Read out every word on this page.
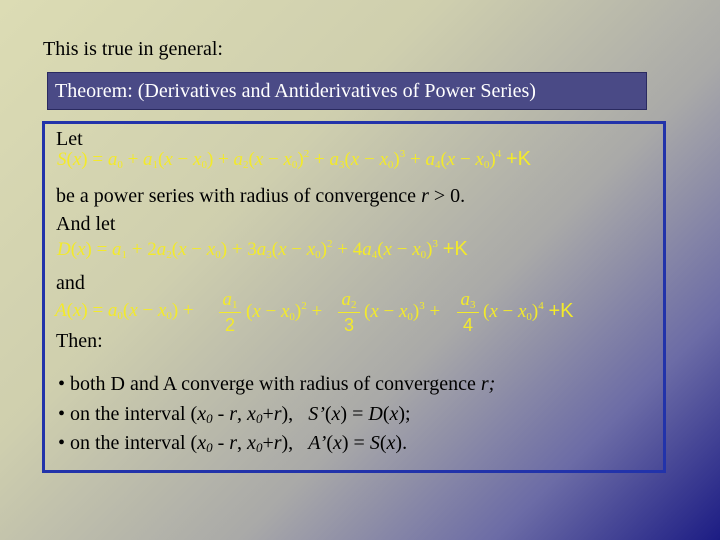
This is true in general:
Theorem: (Derivatives and Antiderivatives of Power Series)
Let
$S(x) = a_0 + a_1(x - x_0) + a_2(x - x_0)^2 + a_3(x - x_0)^3 + a_4(x - x_0)^4 +K$
be a power series with radius of convergence r > 0.
And let
$D(x) = a_1 + 2a_2(x - x_0) + 3a_3(x - x_0)^2 + 4a_4(x - x_0)^3 +K$
and
$A(x) = a_0(x - x_0)$ +
$a_1$
2
$(x - x_0)^2$ +
$a_2$
3
$(x - x_0)^3$ +
$a_3$
4
$(x - x_0)^4 +K$
Then:
• both D and A converge with radius of convergence r;
• on the interval ($x_0$ - r, $x_0+r$),   S’(x) = D(x);
• on the interval ($x_0$ - r, $x_0+r$),   A’(x) = S(x).
